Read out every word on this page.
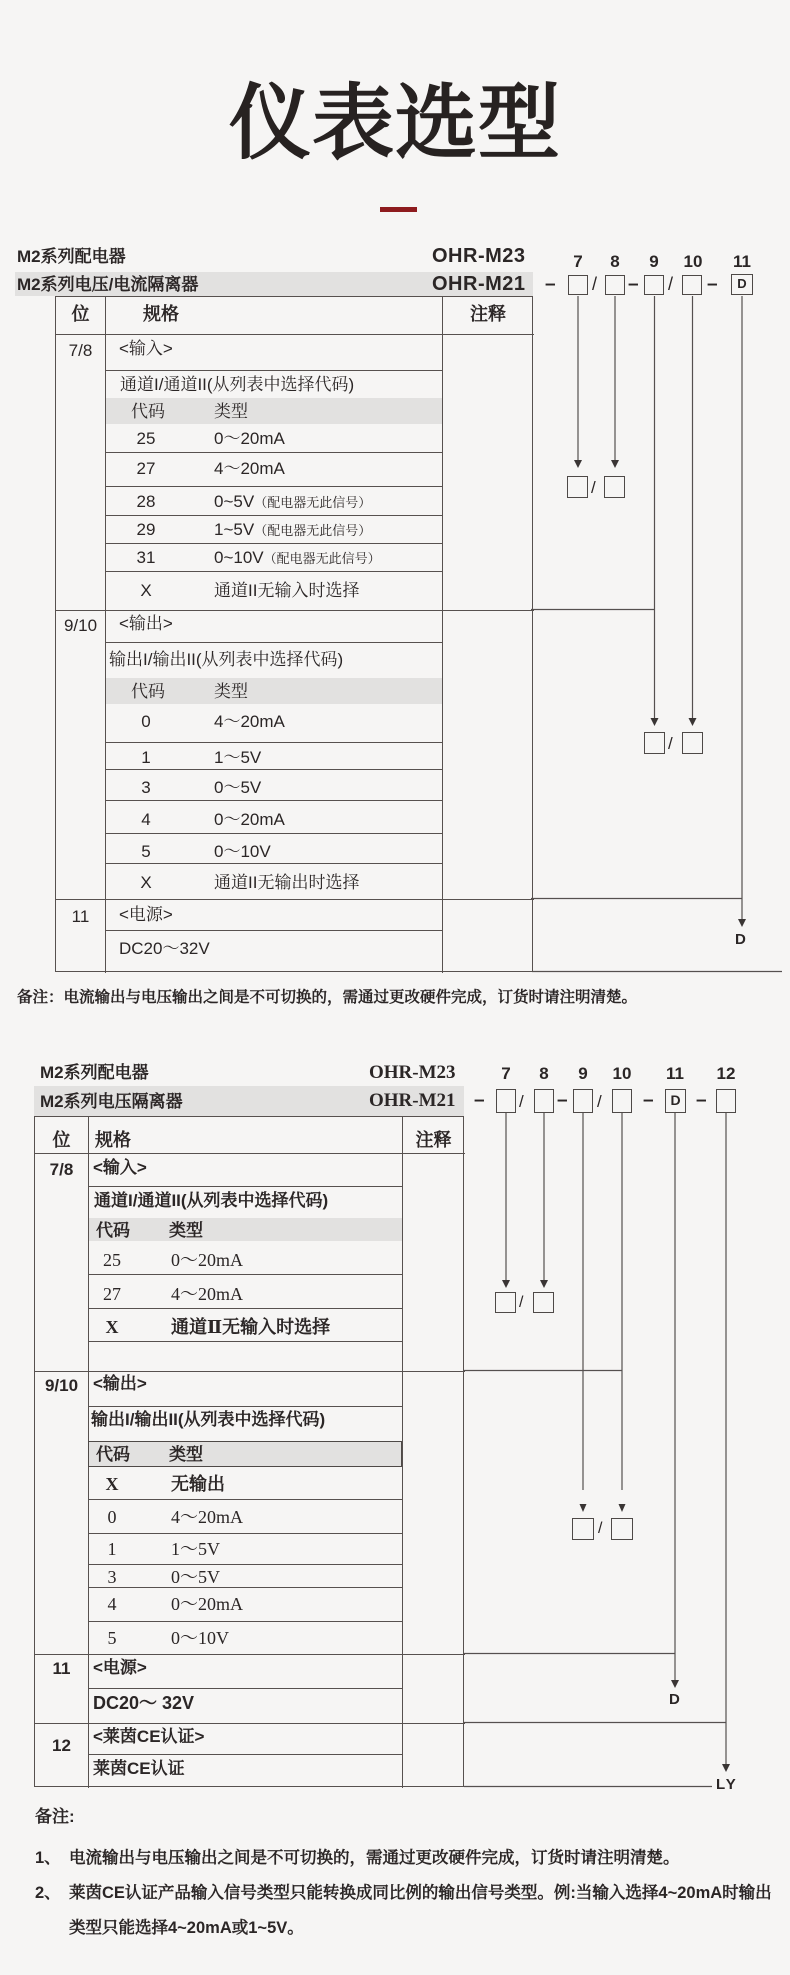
仪表选型
M2系列配电器	OHR-M23	7	8	9	10	11
M2系列电压/电流隔离器	OHR-M21 – / – / –	D
位	规格	注释
7/8	<输入>
通道I/通道II(从列表中选择代码)
代码	类型
25	0～20mA
27	4～20mA
28	0~5V（配电器无此信号）
29	1~5V（配电器无此信号）
31	0~10V（配电器无此信号）
X	通道II无输入时选择
9/10	<输出>
输出I/输出II(从列表中选择代码)
代码	类型
0	4～20mA
1	1～5V
3	0～5V
4	0～20mA
5	0～10V
X	通道II无输出时选择
11	<电源>
DC20～32V
/
/
D
备注：电流输出与电压输出之间是不可切换的，需通过更改硬件完成，订货时请注明清楚。
M2系列配电器	OHR-M23	7	8	9	10	11	12
M2系列电压隔离器	OHR-M21 – / – / –	D –
位	规格	注释
7/8	<输入>
通道I/通道II(从列表中选择代码)
代码 类型
25	0～20mA
27	4～20mA
X	通道Ⅱ无输入时选择
9/10 <输出>
输出I/输出II(从列表中选择代码)
代码 类型
X	无输出
0	4～20mA
1	1～5V
3	0～5V
4	0～20mA
5	0～10V
11	<电源>
DC20～ 32V
12	<莱茵CE认证>
莱茵CE认证
/
/
D
LY
备注:
1、 电流输出与电压输出之间是不可切换的，需通过更改硬件完成，订货时请注明清楚。
2、 莱茵CE认证产品输入信号类型只能转换成同比例的输出信号类型。例:当输入选择4~20mA时输出类型只能选择4~20mA或1~5V。
